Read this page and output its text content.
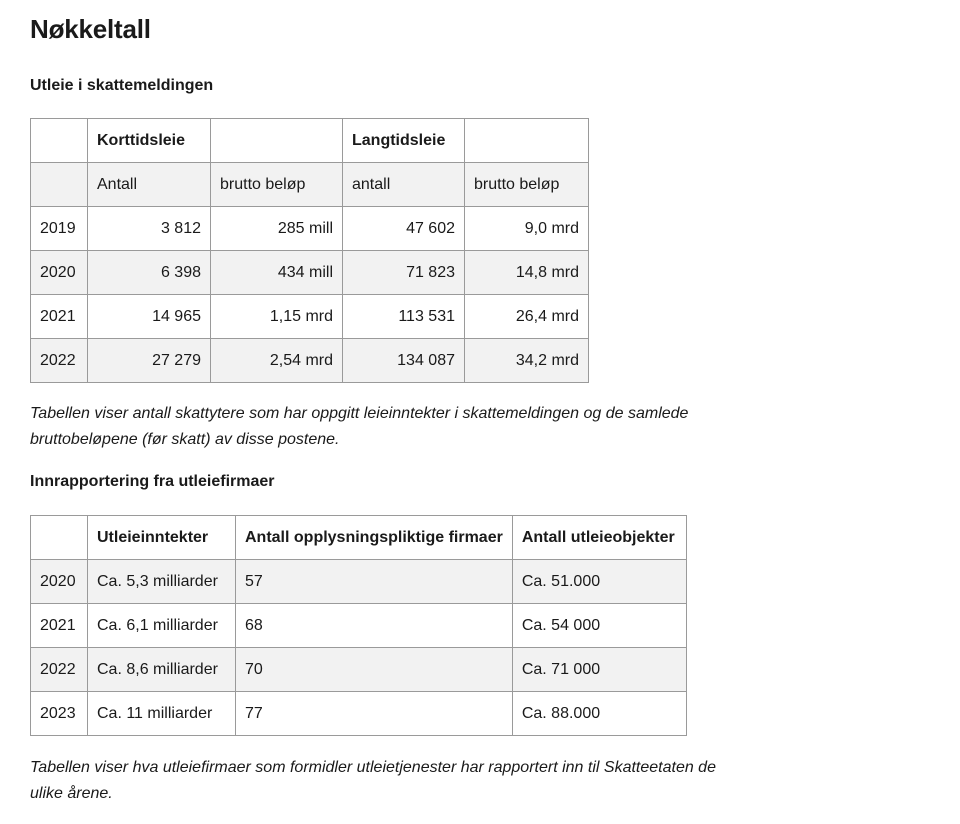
Nøkkeltall
Utleie i skattemeldingen
	Korttidsleie		Langtidsleie	
	Antall	brutto beløp	antall	brutto beløp
2019	3 812	285 mill	47 602	9,0 mrd
2020	6 398	434 mill	71 823	14,8 mrd
2021	14 965	1,15 mrd	113 531	26,4 mrd
2022	27 279	2,54 mrd	134 087	34,2 mrd

Tabellen viser antall skattytere som har oppgitt leieinntekter i skattemeldingen og de samlede
bruttobeløpene (før skatt) av disse postene.

Innrapportering fra utleiefirmaer
	Utleieinntekter	Antall opplysningspliktige firmaer	Antall utleieobjekter
2020	Ca. 5,3 milliarder	57	Ca. 51.000
2021	Ca. 6,1 milliarder	68	Ca. 54 000
2022	Ca. 8,6 milliarder	70	Ca. 71 000
2023	Ca. 11 milliarder	77	Ca. 88.000

Tabellen viser hva utleiefirmaer som formidler utleietjenester har rapportert inn til Skatteetaten de
ulike årene.
